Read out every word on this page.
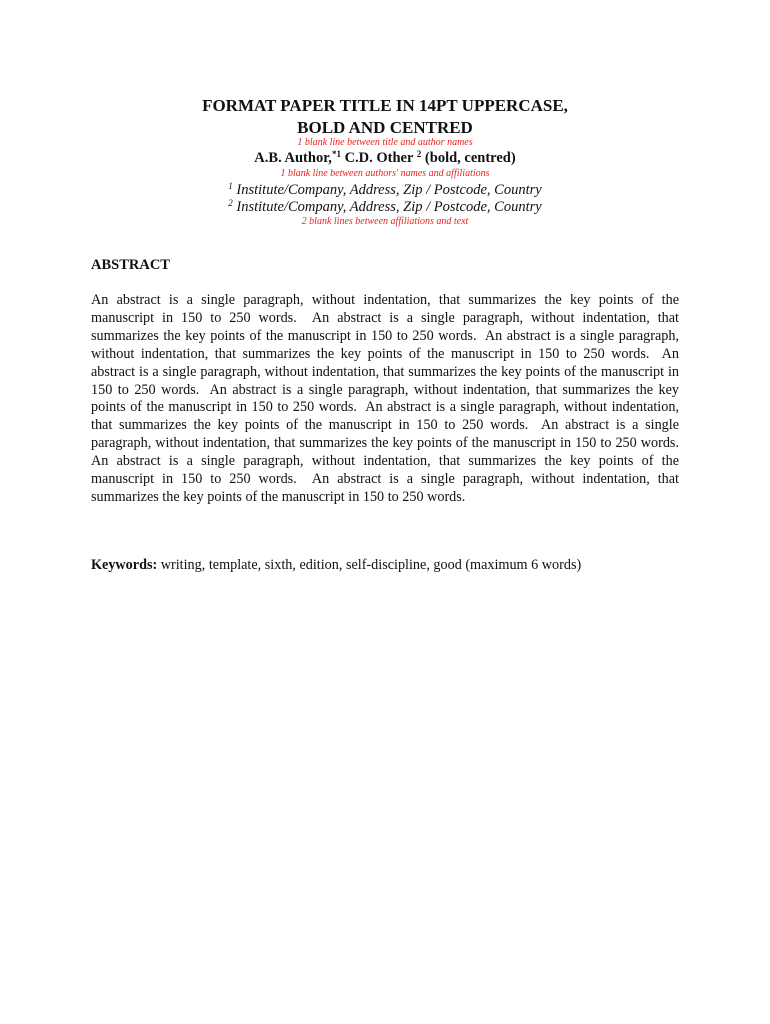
FORMAT PAPER TITLE IN 14PT UPPERCASE,
BOLD AND CENTRED
1 blank line between title and author names
A.B. Author,$^{*1}$ C.D. Other $^2$ (bold, centred)
1 blank line between authors' names and affiliations
$^1$ Institute/Company, Address, Zip / Postcode, Country
$^2$ Institute/Company, Address, Zip / Postcode, Country
2 blank lines between affiliations and text
ABSTRACT
An abstract is a single paragraph, without indentation, that summarizes the key points of the manuscript in 150 to 250 words.  An abstract is a single paragraph, without indentation, that summarizes the key points of the manuscript in 150 to 250 words.  An abstract is a single paragraph, without indentation, that summarizes the key points of the manuscript in 150 to 250 words.  An abstract is a single paragraph, without indentation, that summarizes the key points of the manuscript in 150 to 250 words.  An abstract is a single paragraph, without indentation, that summarizes the key points of the manuscript in 150 to 250 words.  An abstract is a single paragraph, without indentation, that summarizes the key points of the manuscript in 150 to 250 words.  An abstract is a single paragraph, without indentation, that summarizes the key points of the manuscript in 150 to 250 words.  An abstract is a single paragraph, without indentation, that summarizes the key points of the manuscript in 150 to 250 words.  An abstract is a single paragraph, without indentation, that summarizes the key points of the manuscript in 150 to 250 words.
Keywords: writing, template, sixth, edition, self-discipline, good (maximum 6 words)
